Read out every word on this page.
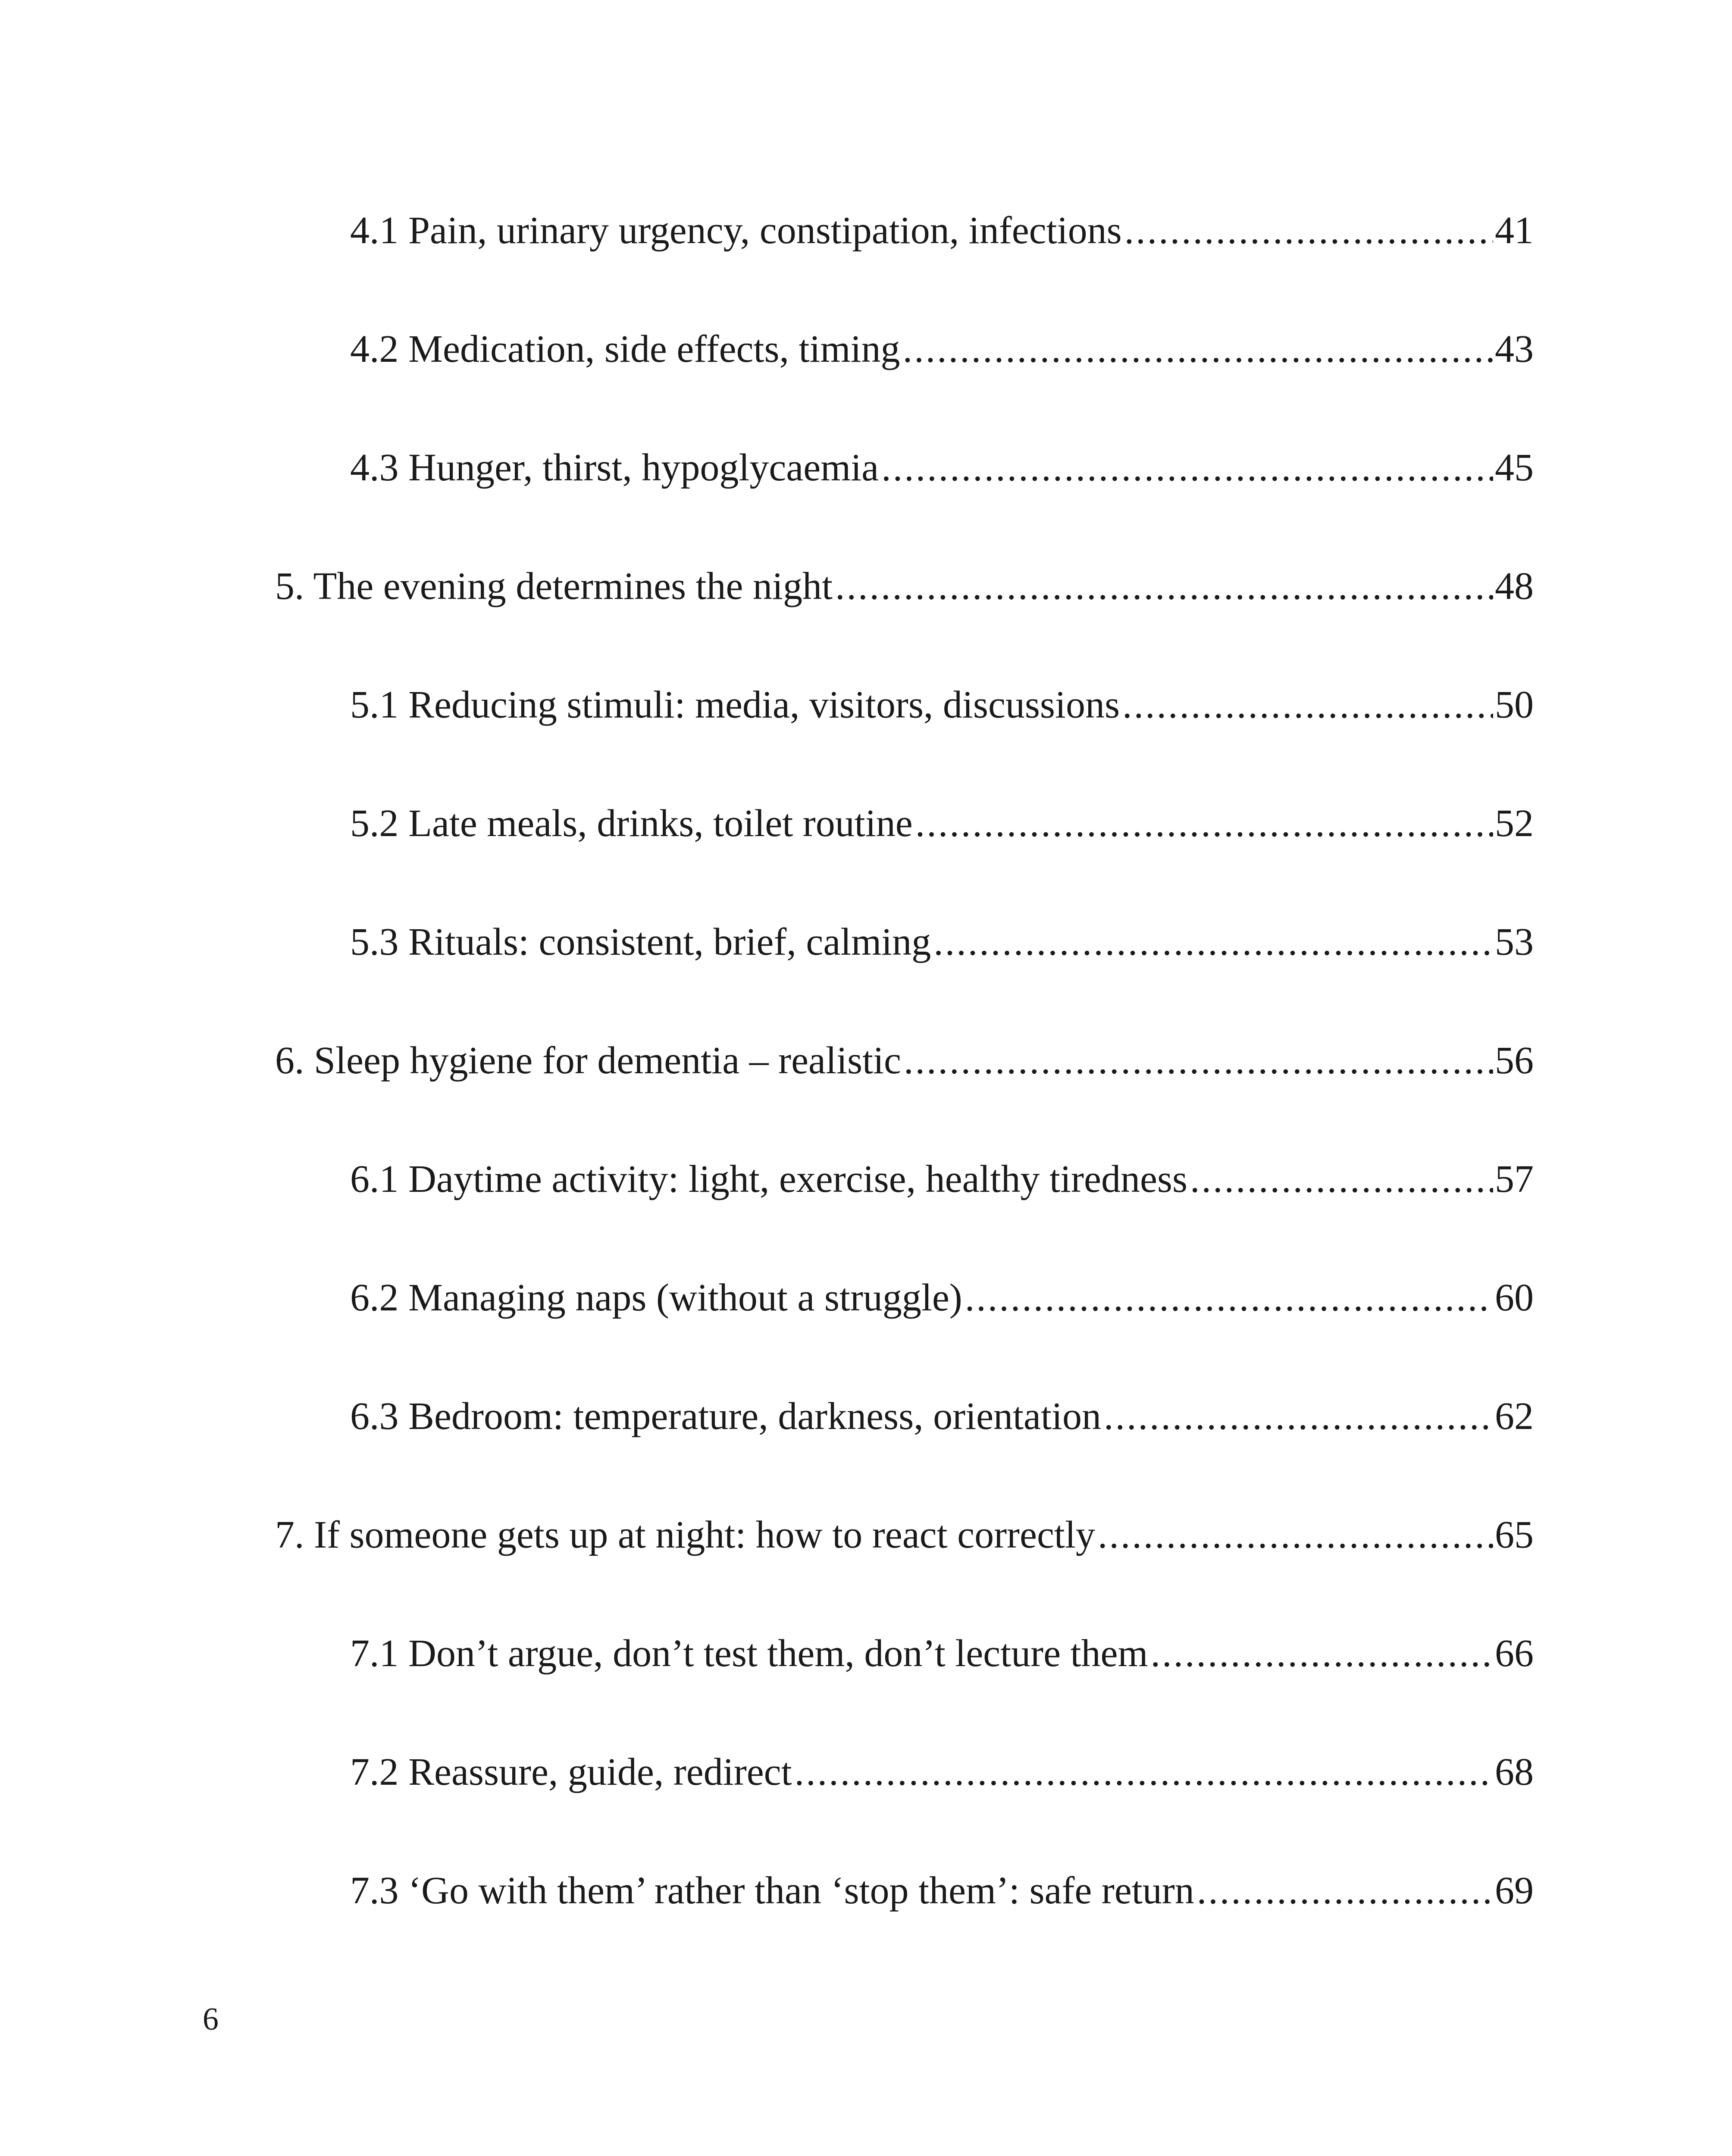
4.1 Pain, urinary urgency, constipation, infections .....	41
4.2 Medication, side effects, timing .....	43
4.3 Hunger, thirst, hypoglycaemia .....	45
5. The evening determines the night .....	48
5.1 Reducing stimuli: media, visitors, discussions .....	50
5.2 Late meals, drinks, toilet routine .....	52
5.3 Rituals: consistent, brief, calming .....	53
6. Sleep hygiene for dementia – realistic .....	56
6.1 Daytime activity: light, exercise, healthy tiredness .....	57
6.2 Managing naps (without a struggle) .....	60
6.3 Bedroom: temperature, darkness, orientation .....	62
7. If someone gets up at night: how to react correctly .....	65
7.1 Don’t argue, don’t test them, don’t lecture them .....	66
7.2 Reassure, guide, redirect .....	68
7.3 ‘Go with them’ rather than ‘stop them’: safe return .....	69
6
